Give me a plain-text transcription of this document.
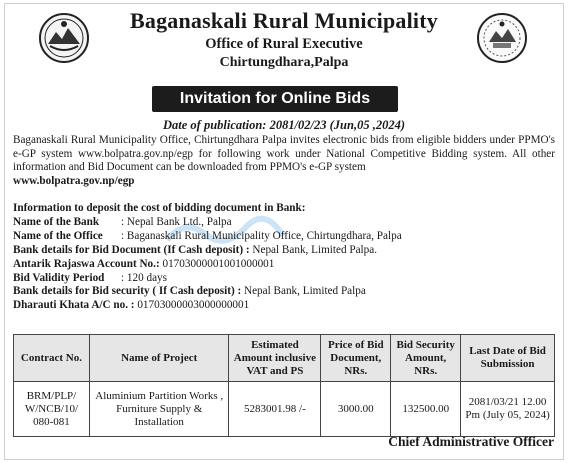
Baganaskali Rural Municipality
Office of Rural Executive
Chirtungdhara,Palpa
Invitation for Online Bids
Date of publication: 2081/02/23 (Jun,05 ,2024)
Baganaskali Rural Municipality Office, Chirtungdhara Palpa invites electronic bids from eligible bidders under PPMO's e-GP system www.bolpatra.gov.np/egp for following work under National Competitive Bidding system. All other information and Bid Document can be downloaded from PPMO's e-GP system
www.bolpatra.gov.np/egp
Information to deposit the cost of bidding document in Bank:
Name of the Bank : Nepal Bank Ltd., Palpa
Name of the Office : Baganaskali Rural Municipality Office, Chirtungdhara, Palpa
Bank details for Bid Document (If Cash deposit) : Nepal Bank, Limited Palpa.
Antarik Rajaswa Account No.: 01703000001001000001
Bid Validity Period : 120 days
Bank details for Bid security ( If Cash deposit) : Nepal Bank, Limited Palpa
Dharauti Khata A/C no. : 01703000003000000001
Contract No.	Name of Project	Estimated Amount inclusive VAT and PS	Price of Bid Document, NRs.	Bid Security Amount, NRs.	Last Date of Bid Submission
BRM/PLP/ W/NCB/10/ 080-081	Aluminium Partition Works , Furniture Supply & Installation	5283001.98 /-	3000.00	132500.00	2081/03/21 12.00 Pm (July 05, 2024)
Chief Administrative Officer
